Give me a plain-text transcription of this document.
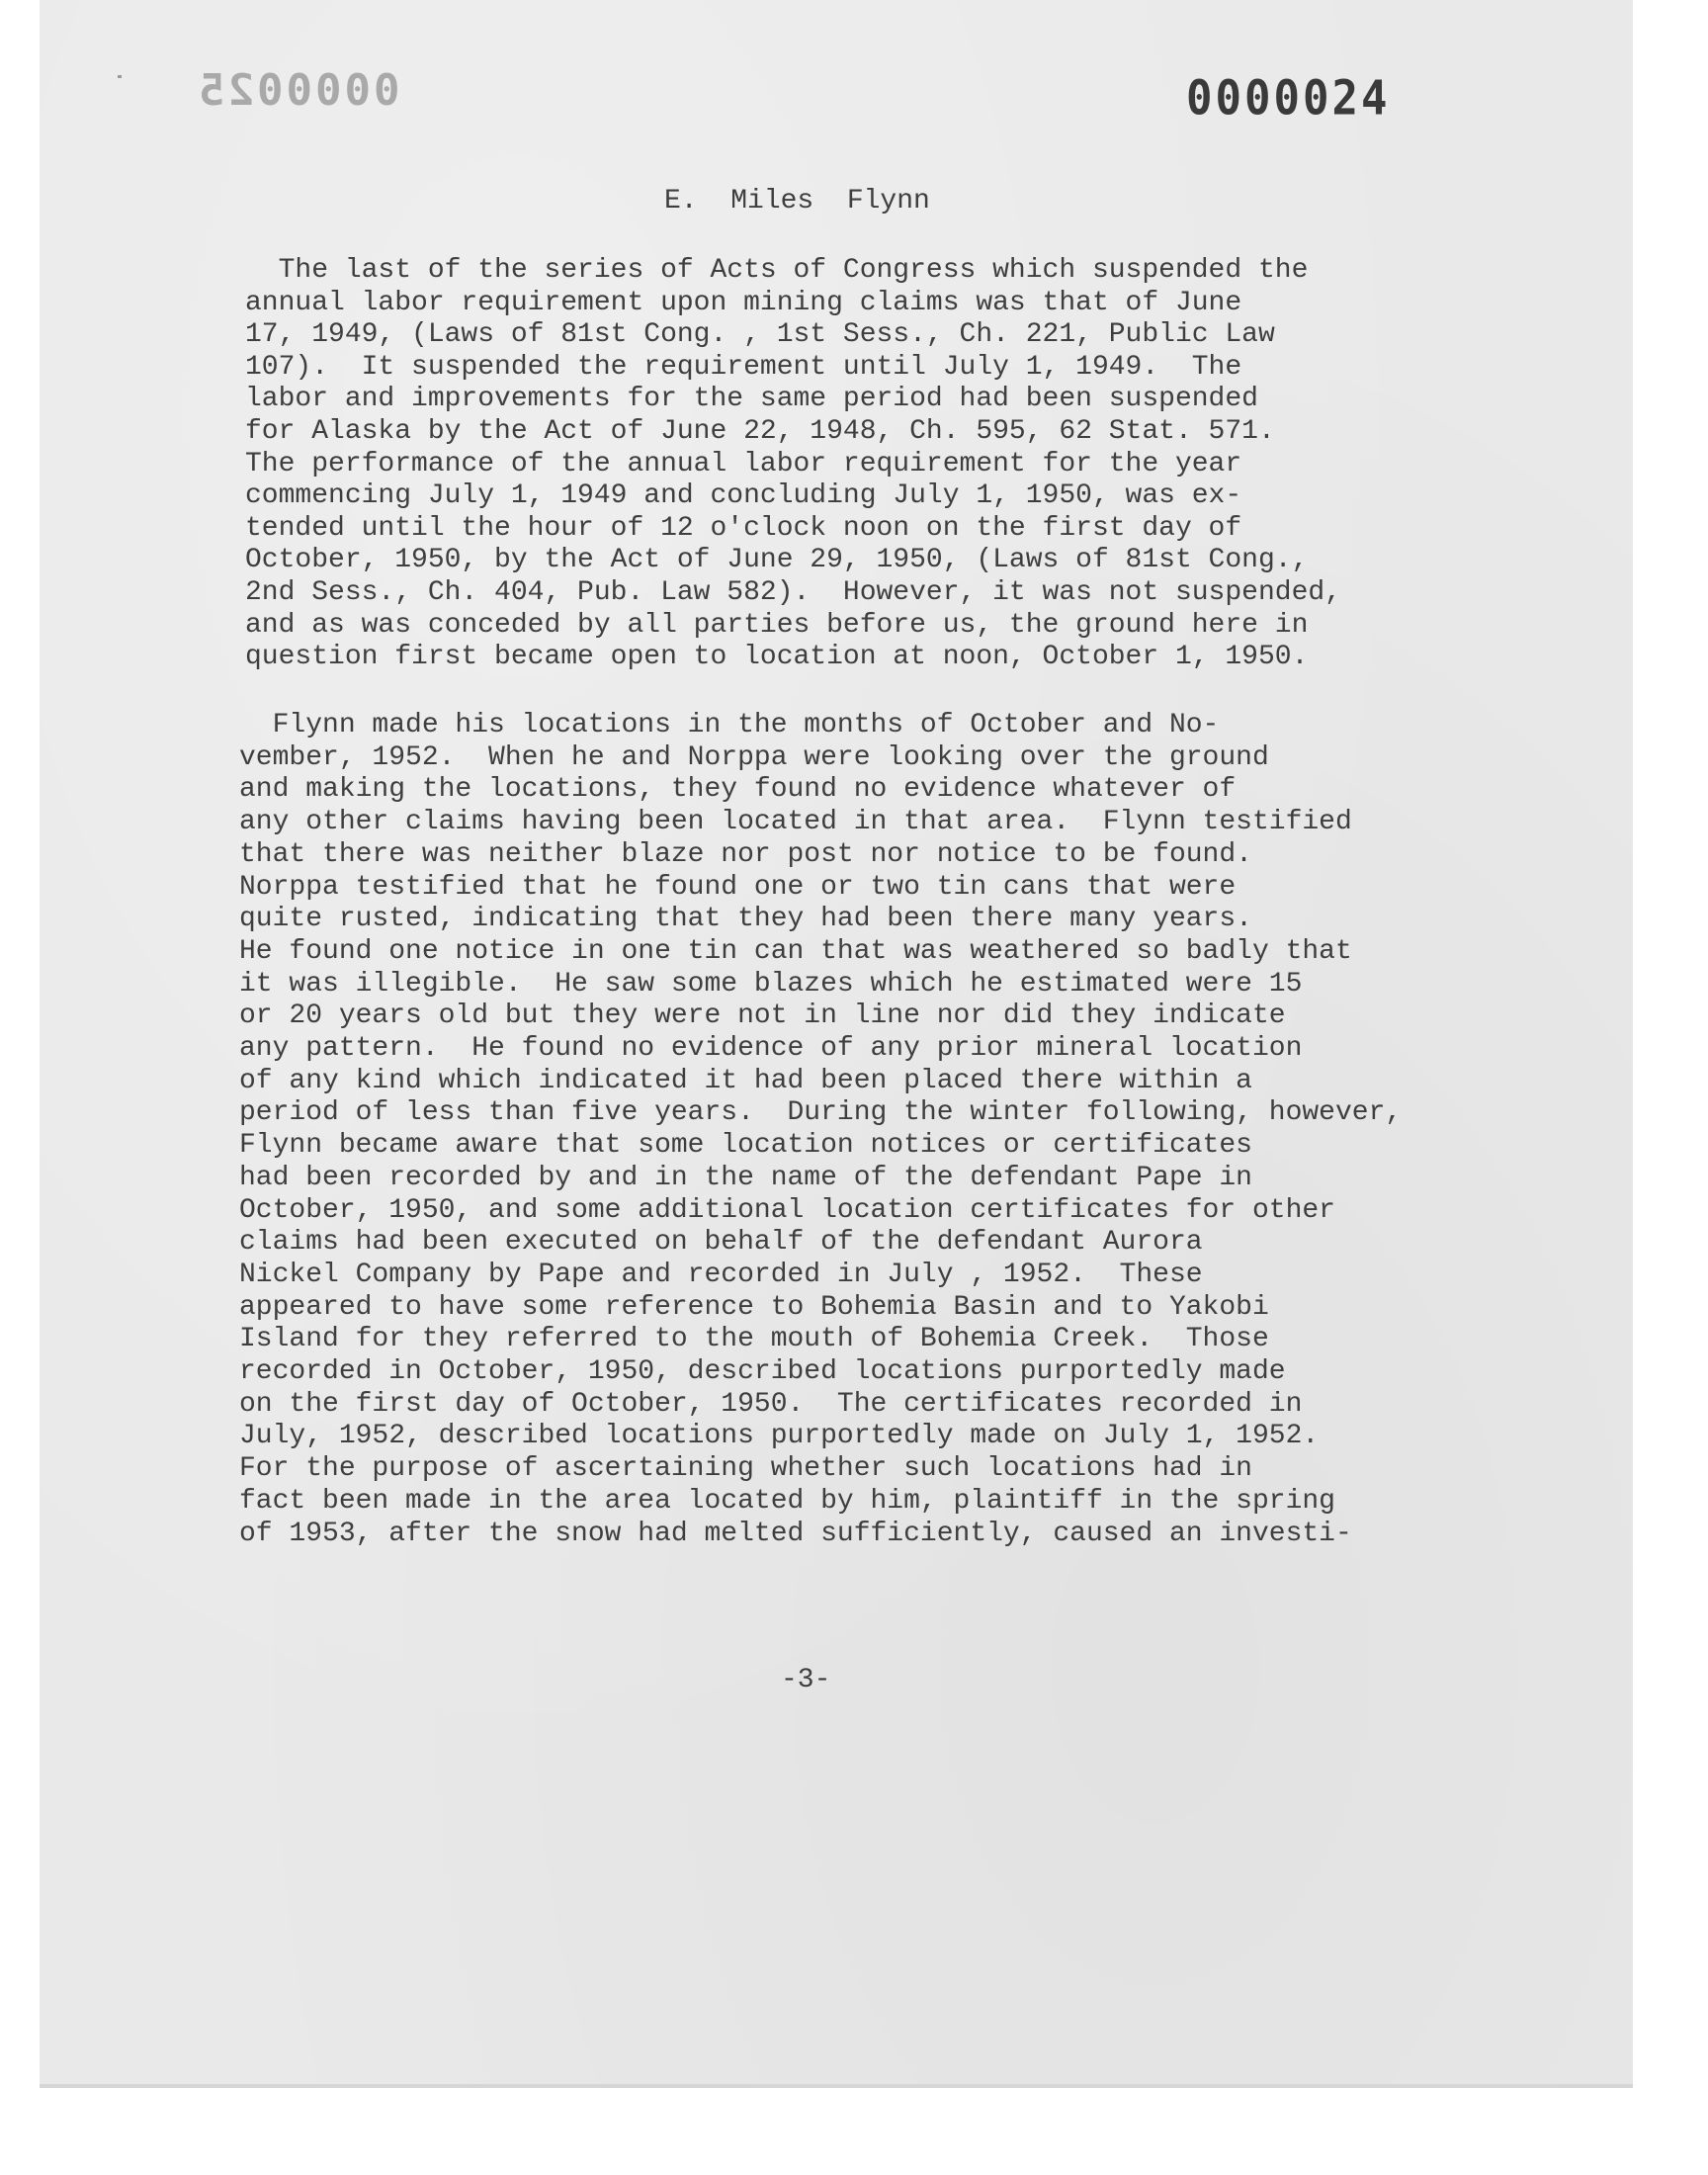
0000025	0000024
E.  Miles  Flynn
The last of the series of Acts of Congress which suspended the
annual labor requirement upon mining claims was that of June
17, 1949, (Laws of 81st Cong. , 1st Sess., Ch. 221, Public Law
107).  It suspended the requirement until July 1, 1949.  The
labor and improvements for the same period had been suspended
for Alaska by the Act of June 22, 1948, Ch. 595, 62 Stat. 571.
The performance of the annual labor requirement for the year
commencing July 1, 1949 and concluding July 1, 1950, was ex-
tended until the hour of 12 o'clock noon on the first day of
October, 1950, by the Act of June 29, 1950, (Laws of 81st Cong.,
2nd Sess., Ch. 404, Pub. Law 582).  However, it was not suspended,
and as was conceded by all parties before us, the ground here in
question first became open to location at noon, October 1, 1950.
Flynn made his locations in the months of October and No-
vember, 1952.  When he and Norppa were looking over the ground
and making the locations, they found no evidence whatever of
any other claims having been located in that area.  Flynn testified
that there was neither blaze nor post nor notice to be found.
Norppa testified that he found one or two tin cans that were
quite rusted, indicating that they had been there many years.
He found one notice in one tin can that was weathered so badly that
it was illegible.  He saw some blazes which he estimated were 15
or 20 years old but they were not in line nor did they indicate
any pattern.  He found no evidence of any prior mineral location
of any kind which indicated it had been placed there within a
period of less than five years.  During the winter following, however,
Flynn became aware that some location notices or certificates
had been recorded by and in the name of the defendant Pape in
October, 1950, and some additional location certificates for other
claims had been executed on behalf of the defendant Aurora
Nickel Company by Pape and recorded in July , 1952.  These
appeared to have some reference to Bohemia Basin and to Yakobi
Island for they referred to the mouth of Bohemia Creek.  Those
recorded in October, 1950, described locations purportedly made
on the first day of October, 1950.  The certificates recorded in
July, 1952, described locations purportedly made on July 1, 1952.
For the purpose of ascertaining whether such locations had in
fact been made in the area located by him, plaintiff in the spring
of 1953, after the snow had melted sufficiently, caused an investi-
-3-
